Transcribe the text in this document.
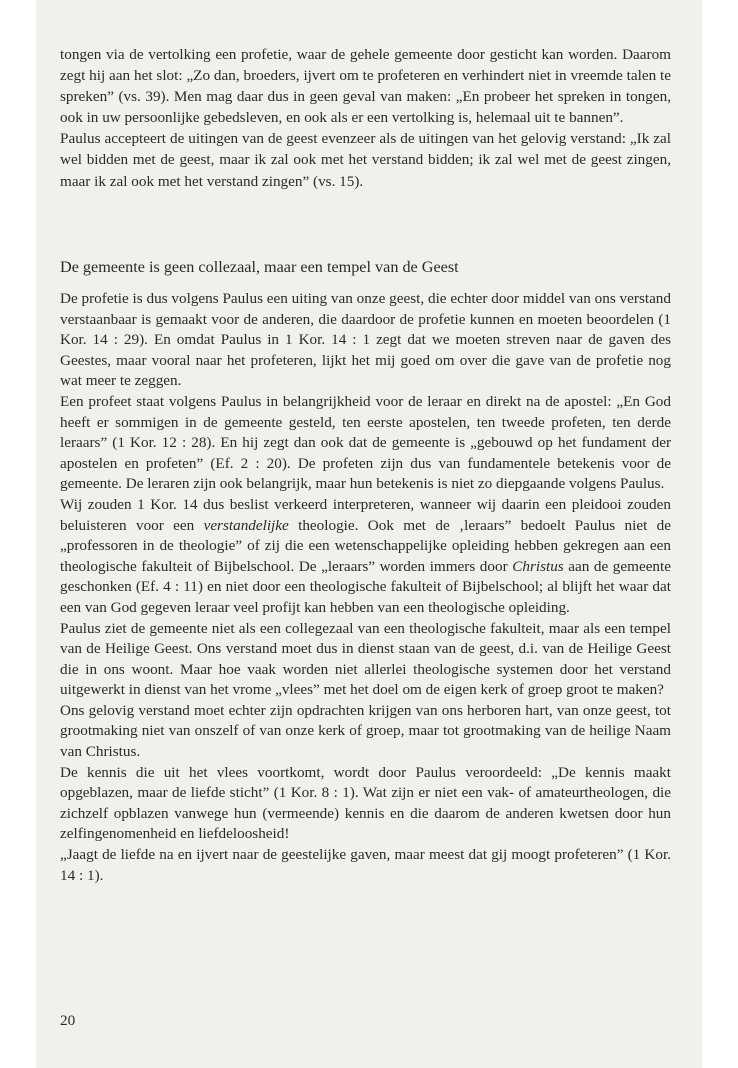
tongen via de vertolking een profetie, waar de gehele gemeente door gesticht kan worden. Daarom zegt hij aan het slot: „Zo dan, broeders, ijvert om te profeteren en verhindert niet in vreemde talen te spreken” (vs. 39). Men mag daar dus in geen geval van maken: „En probeer het spreken in tongen, ook in uw persoonlijke gebedsleven, en ook als er een vertolking is, helemaal uit te bannen”.

Paulus accepteert de uitingen van de geest evenzeer als de uitingen van het gelovig verstand: „Ik zal wel bidden met de geest, maar ik zal ook met het verstand bidden; ik zal wel met de geest zingen, maar ik zal ook met het verstand zingen” (vs. 15).

De gemeente is geen collezaal, maar een tempel van de Geest

De profetie is dus volgens Paulus een uiting van onze geest, die echter door middel van ons verstand verstaanbaar is gemaakt voor de anderen, die daardoor de profetie kunnen en moeten beoordelen (1 Kor. 14 : 29). En omdat Paulus in 1 Kor. 14 : 1 zegt dat we moeten streven naar de gaven des Geestes, maar vooral naar het profeteren, lijkt het mij goed om over die gave van de profetie nog wat meer te zeggen.

Een profeet staat volgens Paulus in belangrijkheid voor de leraar en direkt na de apostel: „En God heeft er sommigen in de gemeente gesteld, ten eerste apostelen, ten tweede profeten, ten derde leraars” (1 Kor. 12 : 28). En hij zegt dan ook dat de gemeente is „gebouwd op het fundament der apostelen en profeten” (Ef. 2 : 20). De profeten zijn dus van fundamentele betekenis voor de gemeente. De leraren zijn ook belangrijk, maar hun betekenis is niet zo diepgaande volgens Paulus.

Wij zouden 1 Kor. 14 dus beslist verkeerd interpreteren, wanneer wij daarin een pleidooi zouden beluisteren voor een verstandelijke theologie. Ook met de ‚leraars” bedoelt Paulus niet de „professoren in de theologie” of zij die een wetenschappelijke opleiding hebben gekregen aan een theologische fakulteit of Bijbelschool. De „leraars” worden immers door Christus aan de gemeente geschonken (Ef. 4 : 11) en niet door een theologische fakulteit of Bijbelschool; al blijft het waar dat een van God gegeven leraar veel profijt kan hebben van een theologische opleiding.

Paulus ziet de gemeente niet als een collegezaal van een theologische fakulteit, maar als een tempel van de Heilige Geest. Ons verstand moet dus in dienst staan van de geest, d.i. van de Heilige Geest die in ons woont. Maar hoe vaak worden niet allerlei theologische systemen door het verstand uitgewerkt in dienst van het vrome „vlees” met het doel om de eigen kerk of groep groot te maken?

Ons gelovig verstand moet echter zijn opdrachten krijgen van ons herboren hart, van onze geest, tot grootmaking niet van onszelf of van onze kerk of groep, maar tot grootmaking van de heilige Naam van Christus.

De kennis die uit het vlees voortkomt, wordt door Paulus veroordeeld: „De kennis maakt opgeblazen, maar de liefde sticht” (1 Kor. 8 : 1). Wat zijn er niet een vak- of amateurtheologen, die zichzelf opblazen vanwege hun (vermeende) kennis en die daarom de anderen kwetsen door hun zelfingenomenheid en liefdeloosheid!

„Jaagt de liefde na en ijvert naar de geestelijke gaven, maar meest dat gij moogt profeteren” (1 Kor. 14 : 1).

20
